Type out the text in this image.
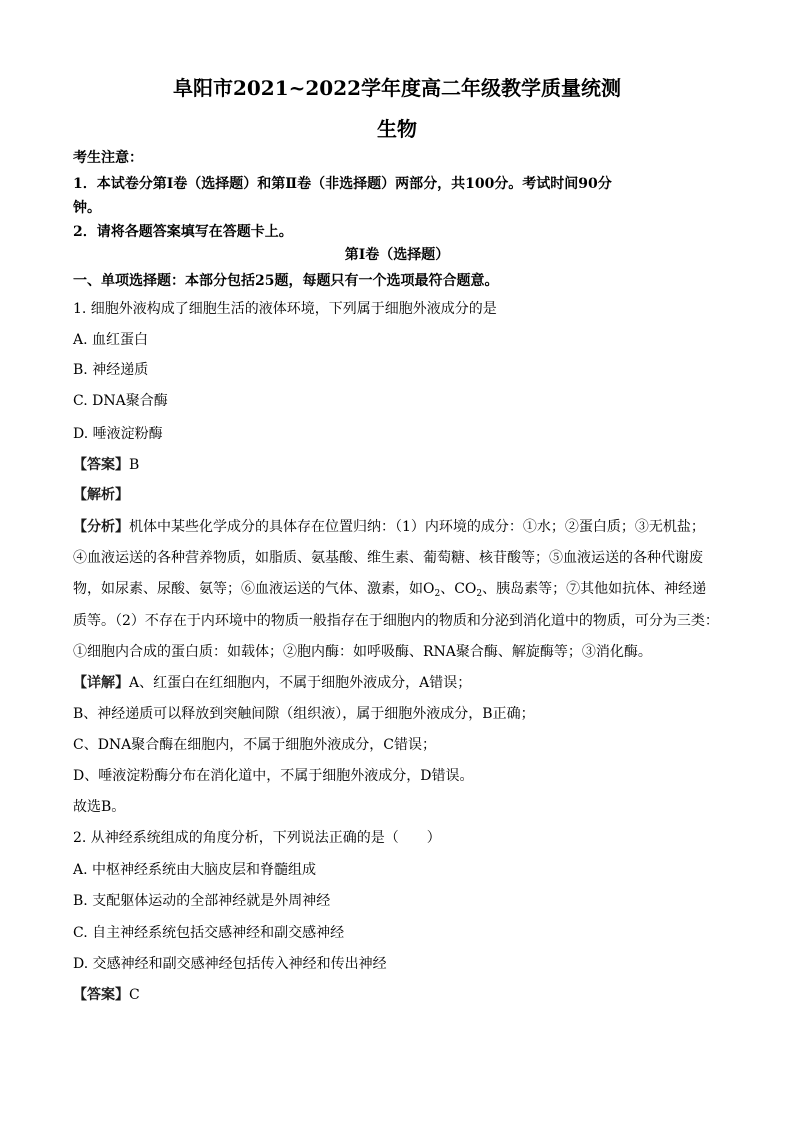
阜阳市2021~2022学年度高二年级教学质量统测
生物
考生注意：
1．本试卷分第Ⅰ卷（选择题）和第Ⅱ卷（非选择题）两部分，共100分。考试时间90分
钟。
2．请将各题答案填写在答题卡上。
第Ⅰ卷（选择题）
一、单项选择题：本部分包括25题，每题只有一个选项最符合题意。
1. 细胞外液构成了细胞生活的液体环境，下列属于细胞外液成分的是
A. 血红蛋白
B. 神经递质
C. DNA聚合酶
D. 唾液淀粉酶
【答案】B
【解析】
【分析】机体中某些化学成分的具体存在位置归纳：（1）内环境的成分：①水；②蛋白质；③无机盐；
④血液运送的各种营养物质，如脂质、氨基酸、维生素、葡萄糖、核苷酸等；⑤血液运送的各种代谢废
物，如尿素、尿酸、氨等；⑥血液运送的气体、激素，如$O_2$、$CO_2$、胰岛素等；⑦其他如抗体、神经递
质等。（2）不存在于内环境中的物质一般指存在于细胞内的物质和分泌到消化道中的物质，可分为三类：
①细胞内合成的蛋白质：如载体；②胞内酶：如呼吸酶、RNA聚合酶、解旋酶等；③消化酶。
【详解】A、红蛋白在红细胞内，不属于细胞外液成分，A错误；
B、神经递质可以释放到突触间隙（组织液），属于细胞外液成分，B正确；
C、DNA聚合酶在细胞内，不属于细胞外液成分，C错误；
D、唾液淀粉酶分布在消化道中，不属于细胞外液成分，D错误。
故选B。
2. 从神经系统组成的角度分析，下列说法正确的是（　　）
A. 中枢神经系统由大脑皮层和脊髓组成
B. 支配躯体运动的全部神经就是外周神经
C. 自主神经系统包括交感神经和副交感神经
D. 交感神经和副交感神经包括传入神经和传出神经
【答案】C
